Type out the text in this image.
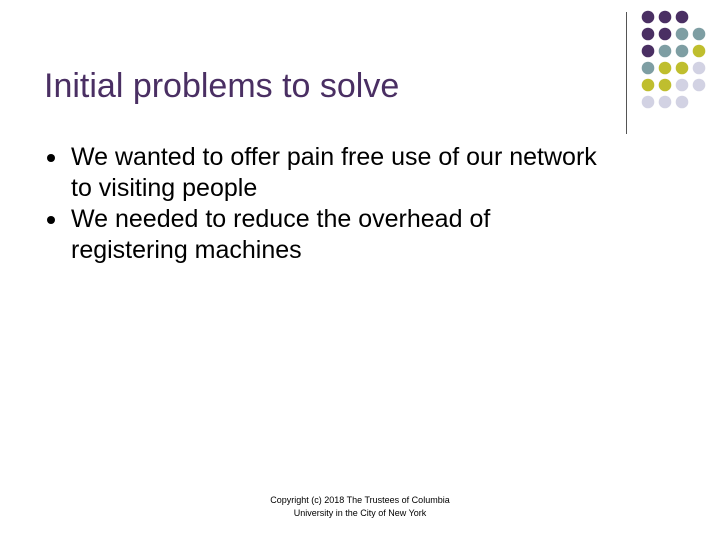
Initial problems to solve
We wanted to offer pain free use of our network to visiting people
We needed to reduce the overhead of registering machines
Copyright (c) 2018 The Trustees of Columbia
University in the City of New York
